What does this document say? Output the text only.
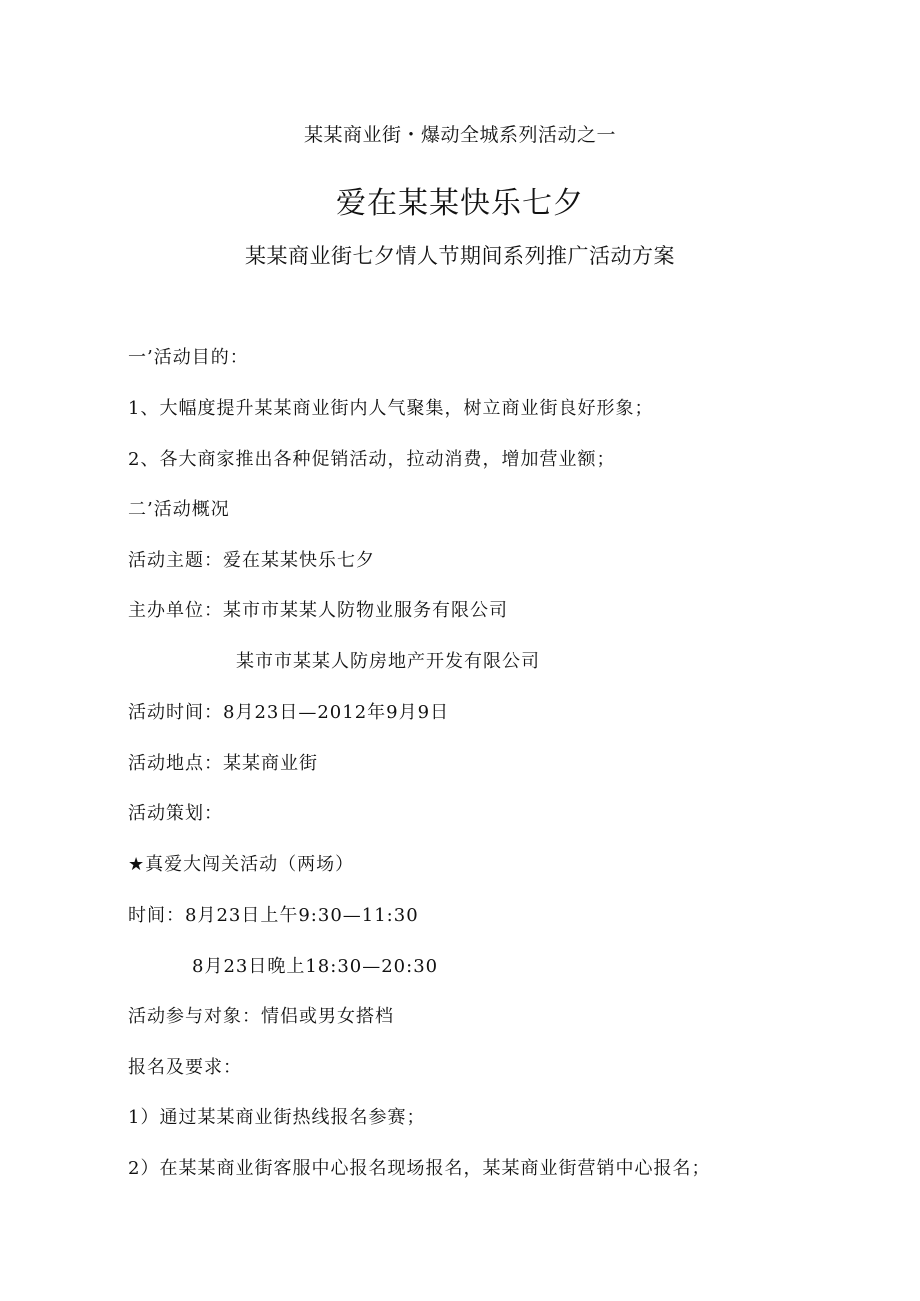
某某商业街・爆动全城系列活动之一
爱在某某快乐七夕
某某商业街七夕情人节期间系列推广活动方案
一’活动目的：
1、大幅度提升某某商业街内人气聚集，树立商业街良好形象；
2、各大商家推出各种促销活动，拉动消费，增加营业额；
二’活动概况
活动主题：爱在某某快乐七夕
主办单位：某市市某某人防物业服务有限公司
某市市某某人防房地产开发有限公司
活动时间：8月23日—2012年9月9日
活动地点：某某商业街
活动策划：
★真爱大闯关活动（两场）
时间：8月23日上午9:30—11:30
8月23日晚上18:30—20:30
活动参与对象：情侣或男女搭档
报名及要求：
1）通过某某商业街热线报名参赛；
2）在某某商业街客服中心报名现场报名，某某商业街营销中心报名；
